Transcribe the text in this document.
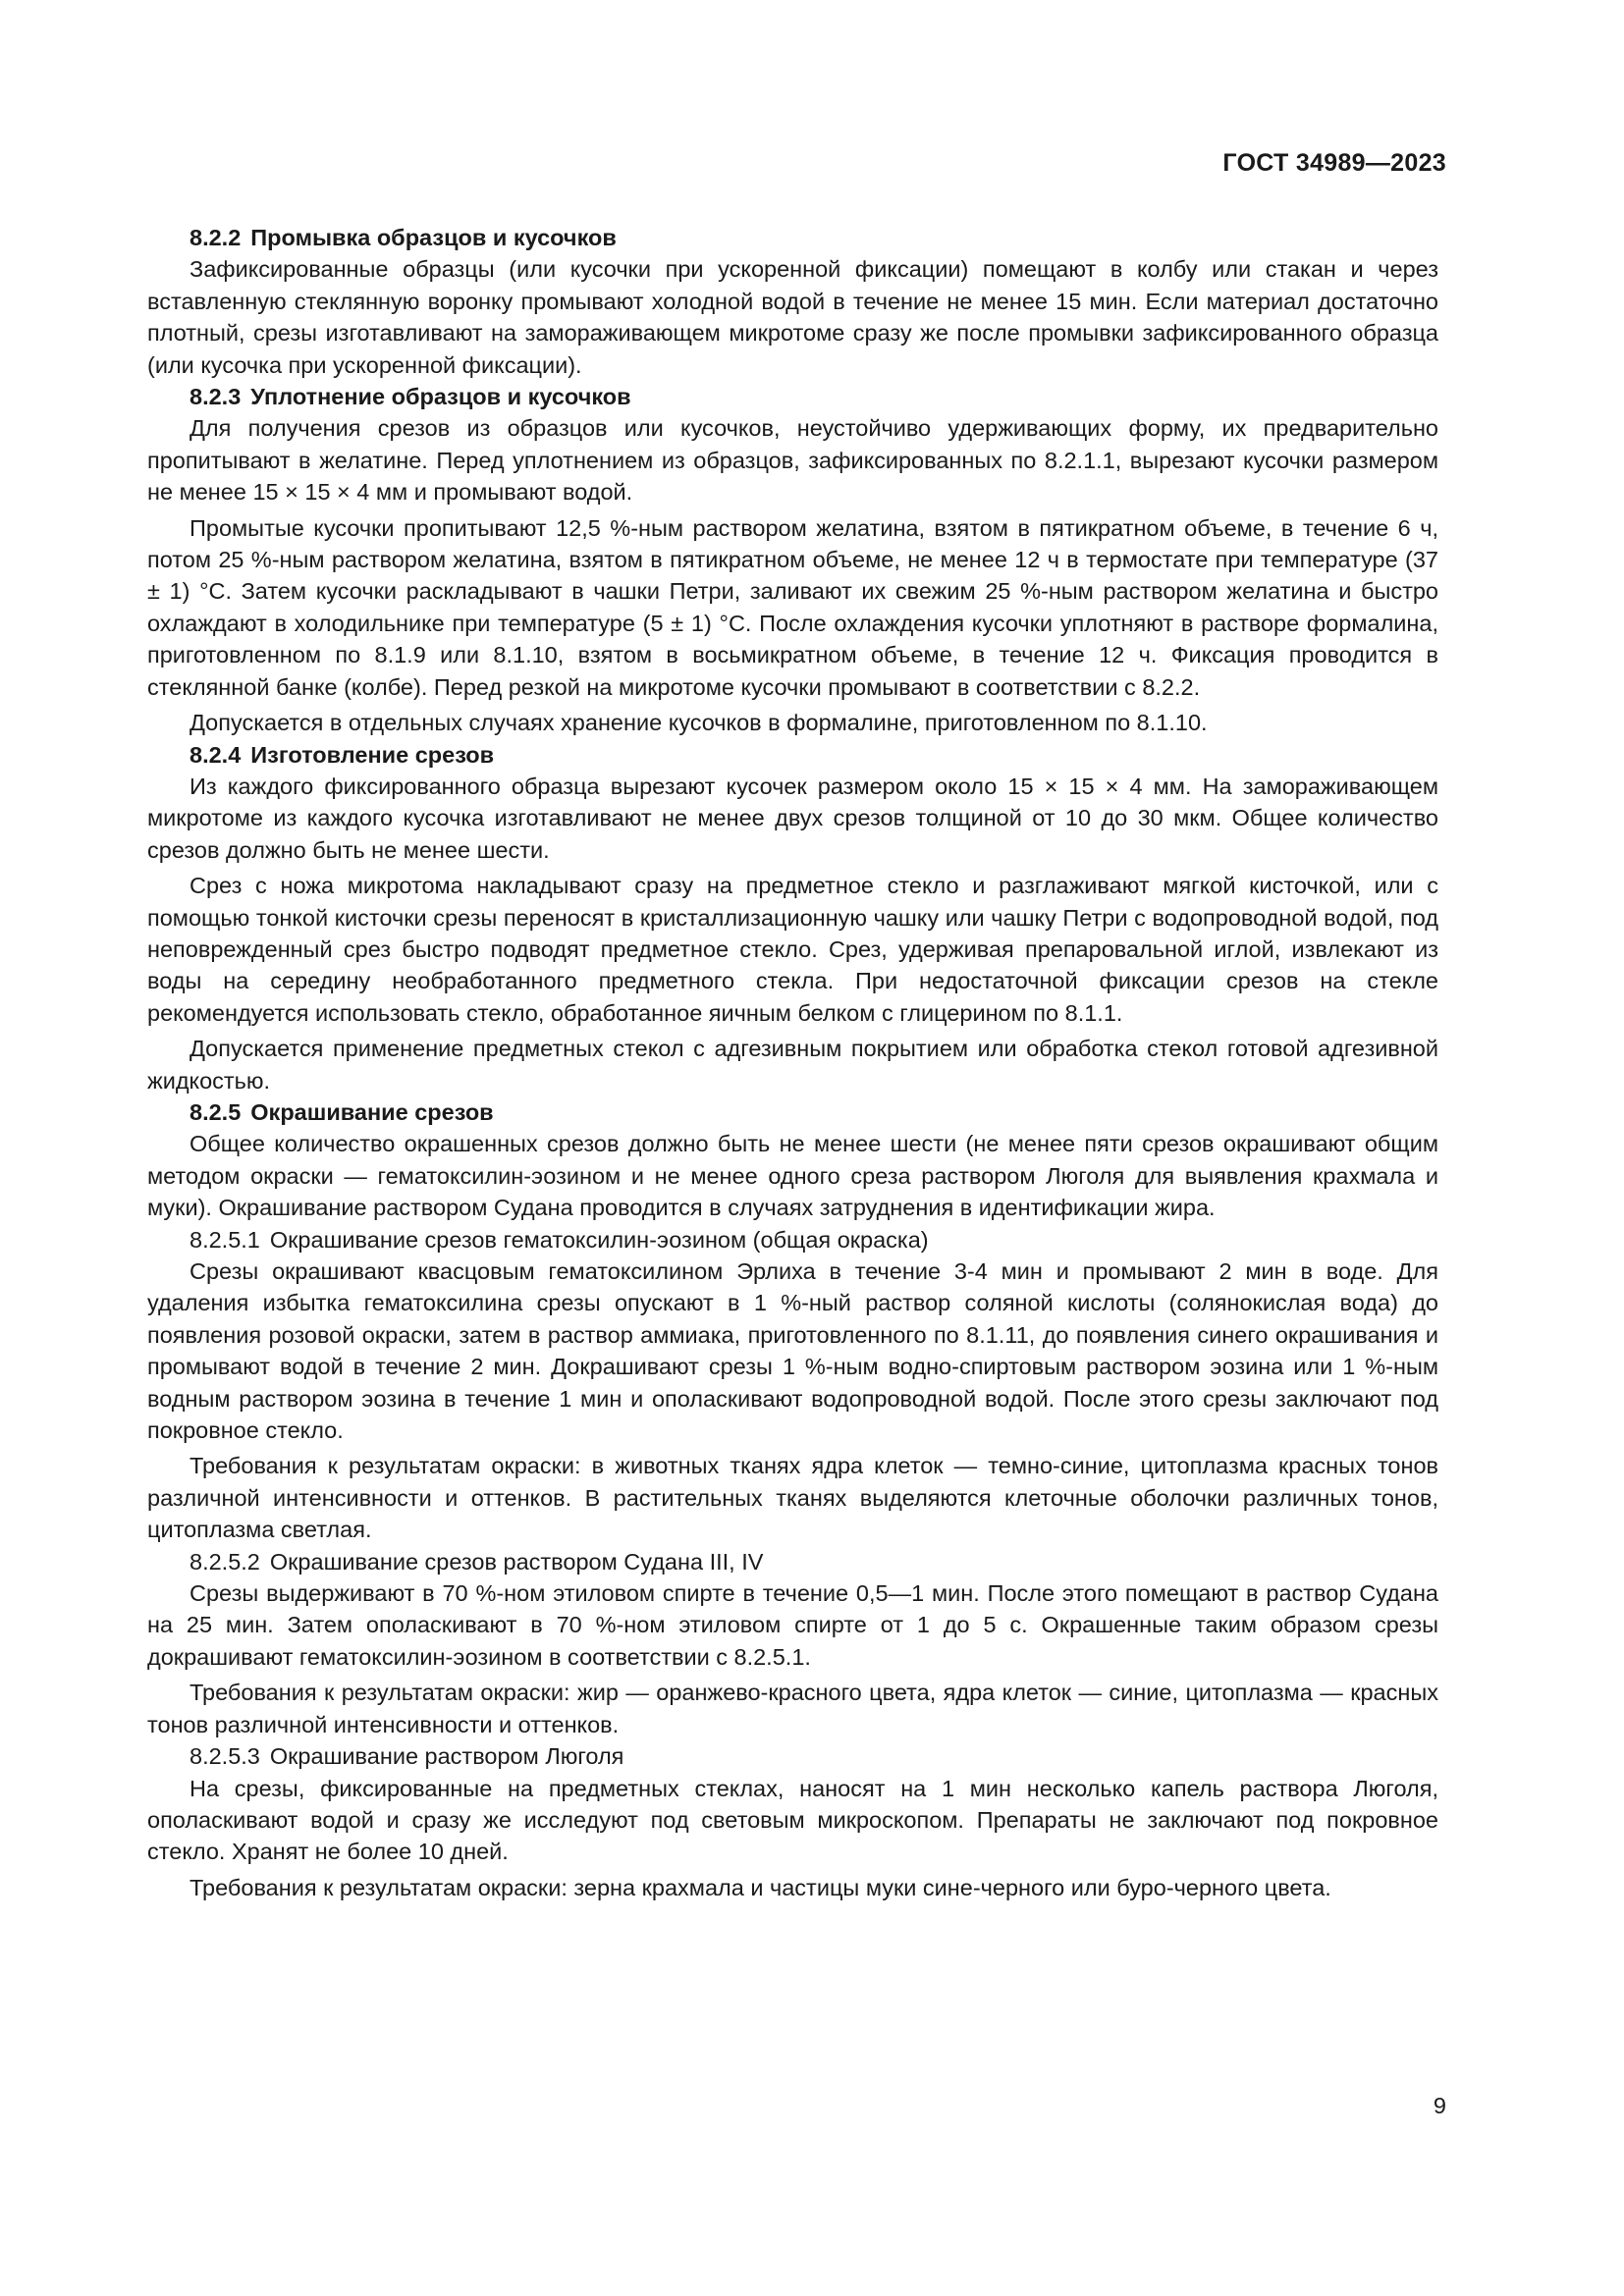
ГОСТ 34989—2023
8.2.2 Промывка образцов и кусочков

Зафиксированные образцы (или кусочки при ускоренной фиксации) помещают в колбу или стакан и через вставленную стеклянную воронку промывают холодной водой в течение не менее 15 мин. Если материал достаточно плотный, срезы изготавливают на замораживающем микротоме сразу же после промывки зафиксированного образца (или кусочка при ускоренной фиксации).

8.2.3 Уплотнение образцов и кусочков

Для получения срезов из образцов или кусочков, неустойчиво удерживающих форму, их предварительно пропитывают в желатине. Перед уплотнением из образцов, зафиксированных по 8.2.1.1, вырезают кусочки размером не менее 15 × 15 × 4 мм и промывают водой.

Промытые кусочки пропитывают 12,5 %-ным раствором желатина, взятом в пятикратном объеме, в течение 6 ч, потом 25 %-ным раствором желатина, взятом в пятикратном объеме, не менее 12 ч в термостате при температуре (37 ± 1) °С. Затем кусочки раскладывают в чашки Петри, заливают их свежим 25 %-ным раствором желатина и быстро охлаждают в холодильнике при температуре (5 ± 1) °С. После охлаждения кусочки уплотняют в растворе формалина, приготовленном по 8.1.9 или 8.1.10, взятом в восьмикратном объеме, в течение 12 ч. Фиксация проводится в стеклянной банке (колбе). Перед резкой на микротоме кусочки промывают в соответствии с 8.2.2.

Допускается в отдельных случаях хранение кусочков в формалине, приготовленном по 8.1.10.

8.2.4 Изготовление срезов

Из каждого фиксированного образца вырезают кусочек размером около 15 × 15 × 4 мм. На замораживающем микротоме из каждого кусочка изготавливают не менее двух срезов толщиной от 10 до 30 мкм. Общее количество срезов должно быть не менее шести.

Срез с ножа микротома накладывают сразу на предметное стекло и разглаживают мягкой кисточкой, или с помощью тонкой кисточки срезы переносят в кристаллизационную чашку или чашку Петри с водопроводной водой, под неповрежденный срез быстро подводят предметное стекло. Срез, удерживая препаровальной иглой, извлекают из воды на середину необработанного предметного стекла. При недостаточной фиксации срезов на стекле рекомендуется использовать стекло, обработанное яичным белком с глицерином по 8.1.1.

Допускается применение предметных стекол с адгезивным покрытием или обработка стекол готовой адгезивной жидкостью.

8.2.5 Окрашивание срезов

Общее количество окрашенных срезов должно быть не менее шести (не менее пяти срезов окрашивают общим методом окраски — гематоксилин-эозином и не менее одного среза раствором Люголя для выявления крахмала и муки). Окрашивание раствором Судана проводится в случаях затруднения в идентификации жира.

8.2.5.1 Окрашивание срезов гематоксилин-эозином (общая окраска)

Срезы окрашивают квасцовым гематоксилином Эрлиха в течение 3-4 мин и промывают 2 мин в воде. Для удаления избытка гематоксилина срезы опускают в 1 %-ный раствор соляной кислоты (солянокислая вода) до появления розовой окраски, затем в раствор аммиака, приготовленного по 8.1.11, до появления синего окрашивания и промывают водой в течение 2 мин. Докрашивают срезы 1 %-ным водно-спиртовым раствором эозина или 1 %-ным водным раствором эозина в течение 1 мин и ополаскивают водопроводной водой. После этого срезы заключают под покровное стекло.

Требования к результатам окраски: в животных тканях ядра клеток — темно-синие, цитоплазма красных тонов различной интенсивности и оттенков. В растительных тканях выделяются клеточные оболочки различных тонов, цитоплазма светлая.

8.2.5.2 Окрашивание срезов раствором Судана III, IV

Срезы выдерживают в 70 %-ном этиловом спирте в течение 0,5—1 мин. После этого помещают в раствор Судана на 25 мин. Затем ополаскивают в 70 %-ном этиловом спирте от 1 до 5 с. Окрашенные таким образом срезы докрашивают гематоксилин-эозином в соответствии с 8.2.5.1.

Требования к результатам окраски: жир — оранжево-красного цвета, ядра клеток — синие, цитоплазма — красных тонов различной интенсивности и оттенков.

8.2.5.3 Окрашивание раствором Люголя

На срезы, фиксированные на предметных стеклах, наносят на 1 мин несколько капель раствора Люголя, ополаскивают водой и сразу же исследуют под световым микроскопом. Препараты не заключают под покровное стекло. Хранят не более 10 дней.

Требования к результатам окраски: зерна крахмала и частицы муки сине-черного или буро-черного цвета.

9
